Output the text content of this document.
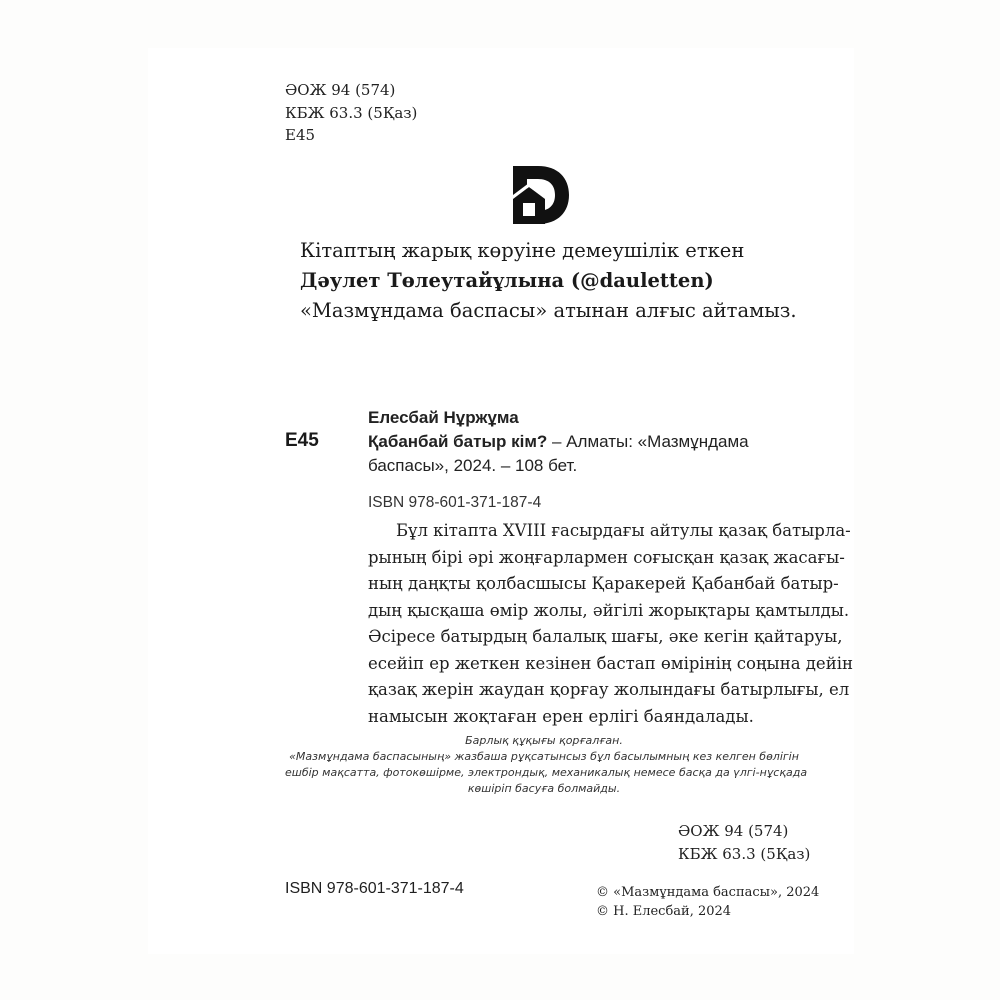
ӘОЖ 94 (574)
КБЖ 63.3 (5Қаз)
Е45
Кітаптың жарық көруіне демеушілік еткен
Дәулет Төлеутайұлына (@dauletten)
«Мазмұндама баспасы» атынан алғыс айтамыз.
Е45
Елесбай Нұржұма
Қабанбай батыр кім? – Алматы: «Мазмұндама
баспасы», 2024. – 108 бет.
ISBN 978-601-371-187-4
Бұл кітапта XVIII ғасырдағы айтулы қазақ батырла-
рының бірі әрі жоңғарлармен соғысқан қазақ жасағы-
ның даңқты қолбасшысы Қаракерей Қабанбай батыр-
дың қысқаша өмір жолы, әйгілі жорықтары қамтылды.
Әсіресе батырдың балалық шағы, әке кегін қайтаруы,
есейіп ер жеткен кезінен бастап өмірінің соңына дейін
қазақ жерін жаудан қорғау жолындағы батырлығы, ел
намысын жоқтаған ерен ерлігі баяндалады.
Барлық құқығы қорғалған.
«Мазмұндама баспасының» жазбаша рұқсатынсыз бұл басылымның кез келген бөлігін
ешбір мақсатта, фотокөшірме, электрондық, механикалық немесе басқа да үлгі-нұсқада
көшіріп басуға болмайды.
ӘОЖ 94 (574)
КБЖ 63.3 (5Қаз)
ISBN 978-601-371-187-4	© «Мазмұндама баспасы», 2024
© Н. Елесбай, 2024
